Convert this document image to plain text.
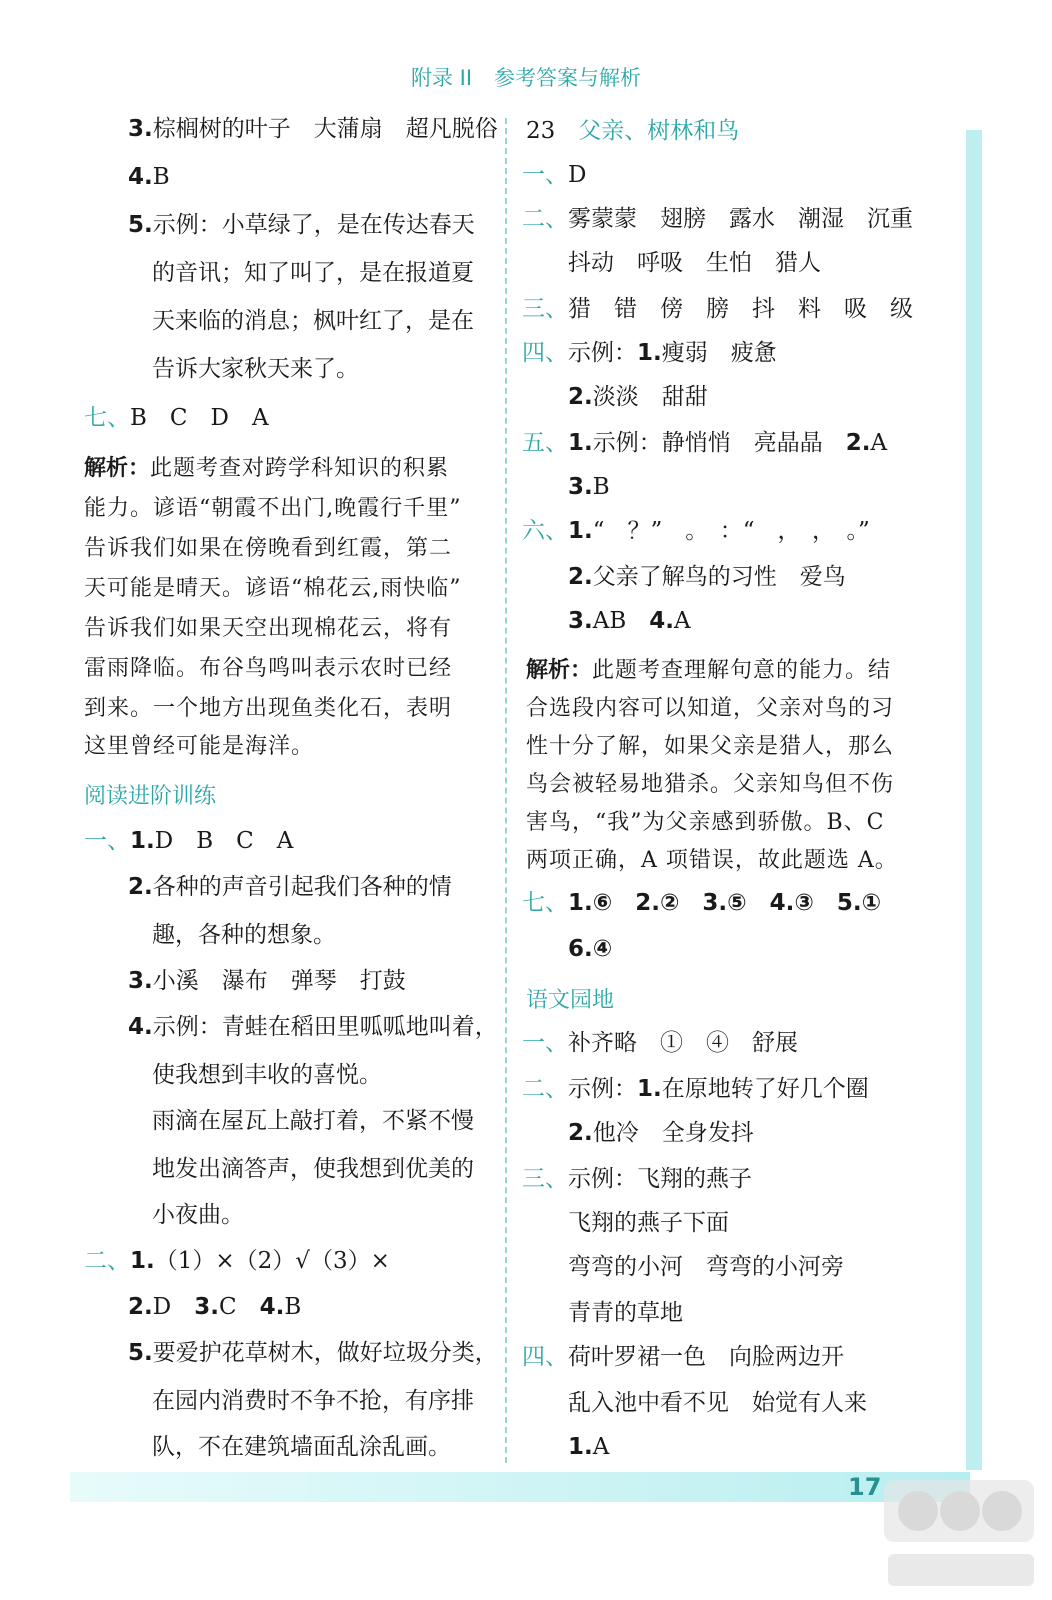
附录 II 参考答案与解析
3.棕榈树的叶子　大蒲扇　超凡脱俗
4.B
5.示例：小草绿了，是在传达春天
的音讯；知了叫了，是在报道夏
天来临的消息；枫叶红了，是在
告诉大家秋天来了。
七、B　C　D　A
解析：此题考查对跨学科知识的积累
能力。谚语“朝霞不出门,晚霞行千里”
告诉我们如果在傍晚看到红霞，第二
天可能是晴天。谚语“棉花云,雨快临”
告诉我们如果天空出现棉花云，将有
雷雨降临。布谷鸟鸣叫表示农时已经
到来。一个地方出现鱼类化石，表明
这里曾经可能是海洋。
阅读进阶训练
一、1.D　B　C　A
2.各种的声音引起我们各种的情
趣，各种的想象。
3.小溪　瀑布　弹琴　打鼓
4.示例：青蛙在稻田里呱呱地叫着，
使我想到丰收的喜悦。
雨滴在屋瓦上敲打着，不紧不慢
地发出滴答声，使我想到优美的
小夜曲。
二、1.（1）×（2）√（3）×
2.D　 3.C　 4.B
5.要爱护花草树木，做好垃圾分类，
在园内消费时不争不抢，有序排
队，不在建筑墙面乱涂乱画。
23　 父亲、树林和鸟
一、D
二、雾蒙蒙　翅膀　露水　潮湿　沉重
抖动　呼吸　生怕　猎人
三、猎　错　傍　膀　抖　料　吸　级
四、示例：1.瘦弱　疲惫
2.淡淡　甜甜
五、1.示例：静悄悄　亮晶晶　 2.A
3.B
六、1.“　？”　。　：“　，　，　。”
2.父亲了解鸟的习性　爱鸟
3.AB　 4.A
解析：此题考查理解句意的能力。结
合选段内容可以知道，父亲对鸟的习
性十分了解，如果父亲是猎人，那么
鸟会被轻易地猎杀。父亲知鸟但不伤
害鸟，“我”为父亲感到骄傲。B、C
两项正确，A 项错误，故此题选 A。
七、1.⑥　2.②　3.⑤　4.③　5.①
6.④
语文园地
一、补齐略　①　④　舒展
二、示例：1.在原地转了好几个圈
2.他冷　全身发抖
三、示例：飞翔的燕子
飞翔的燕子下面
弯弯的小河　弯弯的小河旁
青青的草地
四、荷叶罗裙一色　向脸两边开
乱入池中看不见　始觉有人来
1.A
17
